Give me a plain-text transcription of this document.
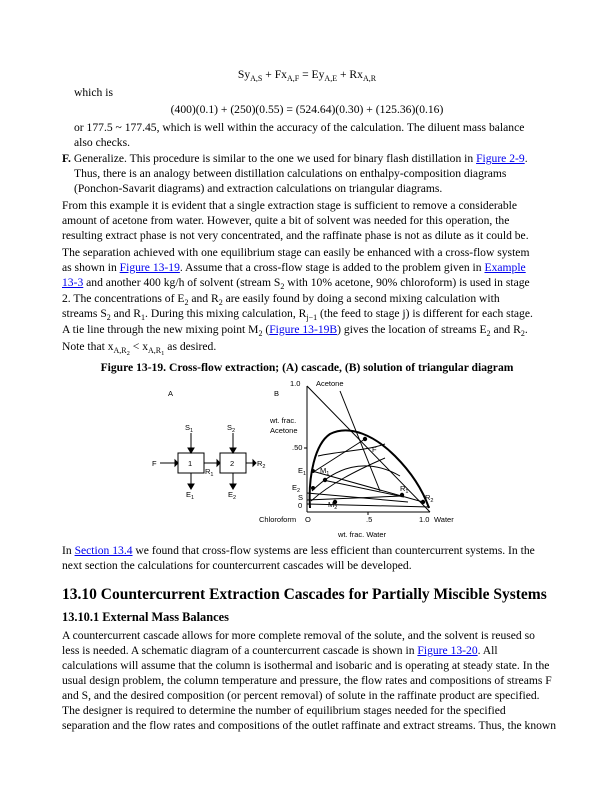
$Sy_{A,S} + Fx_{A,F} = Ey_{A,E} + Rx_{A,R}$
which is
(400)(0.1) + (250)(0.55) = (524.64)(0.30) + (125.36)(0.16)
or 177.5 ~ 177.45, which is well within the accuracy of the calculation. The diluent mass balance
also checks.
F. Generalize. This procedure is similar to the one we used for binary flash distillation in Figure 2-9.
Thus, there is an analogy between distillation calculations on enthalpy-composition diagrams
(Ponchon-Savarit diagrams) and extraction calculations on triangular diagrams.
From this example it is evident that a single extraction stage is sufficient to remove a considerable
amount of acetone from water. However, quite a bit of solvent was needed for this operation, the
resulting extract phase is not very concentrated, and the raffinate phase is not as dilute as it could be.
The separation achieved with one equilibrium stage can easily be enhanced with a cross-flow system
as shown in Figure 13-19. Assume that a cross-flow stage is added to the problem given in Example
13-3 and another 400 kg/h of solvent (stream $S_2$ with 10% acetone, 90% chloroform) is used in stage
2. The concentrations of $E_2$ and $R_2$ are easily found by doing a second mixing calculation with
streams $S_2$ and $R_1$. During this mixing calculation, $R_{j-1}$ (the feed to stage j) is different for each stage.
A tie line through the new mixing point $M_2$ (Figure 13-19B) gives the location of streams $E_2$ and $R_2$.
Note that $x_{A,R_2} < x_{A,R_1}$ as desired.
Figure 13-19. Cross-flow extraction; (A) cascade, (B) solution of triangular diagram
A	B
$S_1$	$S_2$
F	1	2
$R_1$
$R_2$
$E_1$	$E_2$
1.0 Acetone
wt. frac.
Acetone
.50
$E_1$ $M_1$
F
$E_2$
S
0	$M_2$
$R_1$
$R_2$
Chloroform O	.5	1.0 Water
wt. frac. Water
In Section 13.4 we found that cross-flow systems are less efficient than countercurrent systems. In the
next section the calculations for countercurrent cascades will be developed.
13.10 Countercurrent Extraction Cascades for Partially Miscible Systems
13.10.1 External Mass Balances
A countercurrent cascade allows for more complete removal of the solute, and the solvent is reused so
less is needed. A schematic diagram of a countercurrent cascade is shown in Figure 13-20. All
calculations will assume that the column is isothermal and isobaric and is operating at steady state. In the
usual design problem, the column temperature and pressure, the flow rates and compositions of streams F
and S, and the desired composition (or percent removal) of solute in the raffinate product are specified.
The designer is required to determine the number of equilibrium stages needed for the specified
separation and the flow rates and compositions of the outlet raffinate and extract streams. Thus, the known
